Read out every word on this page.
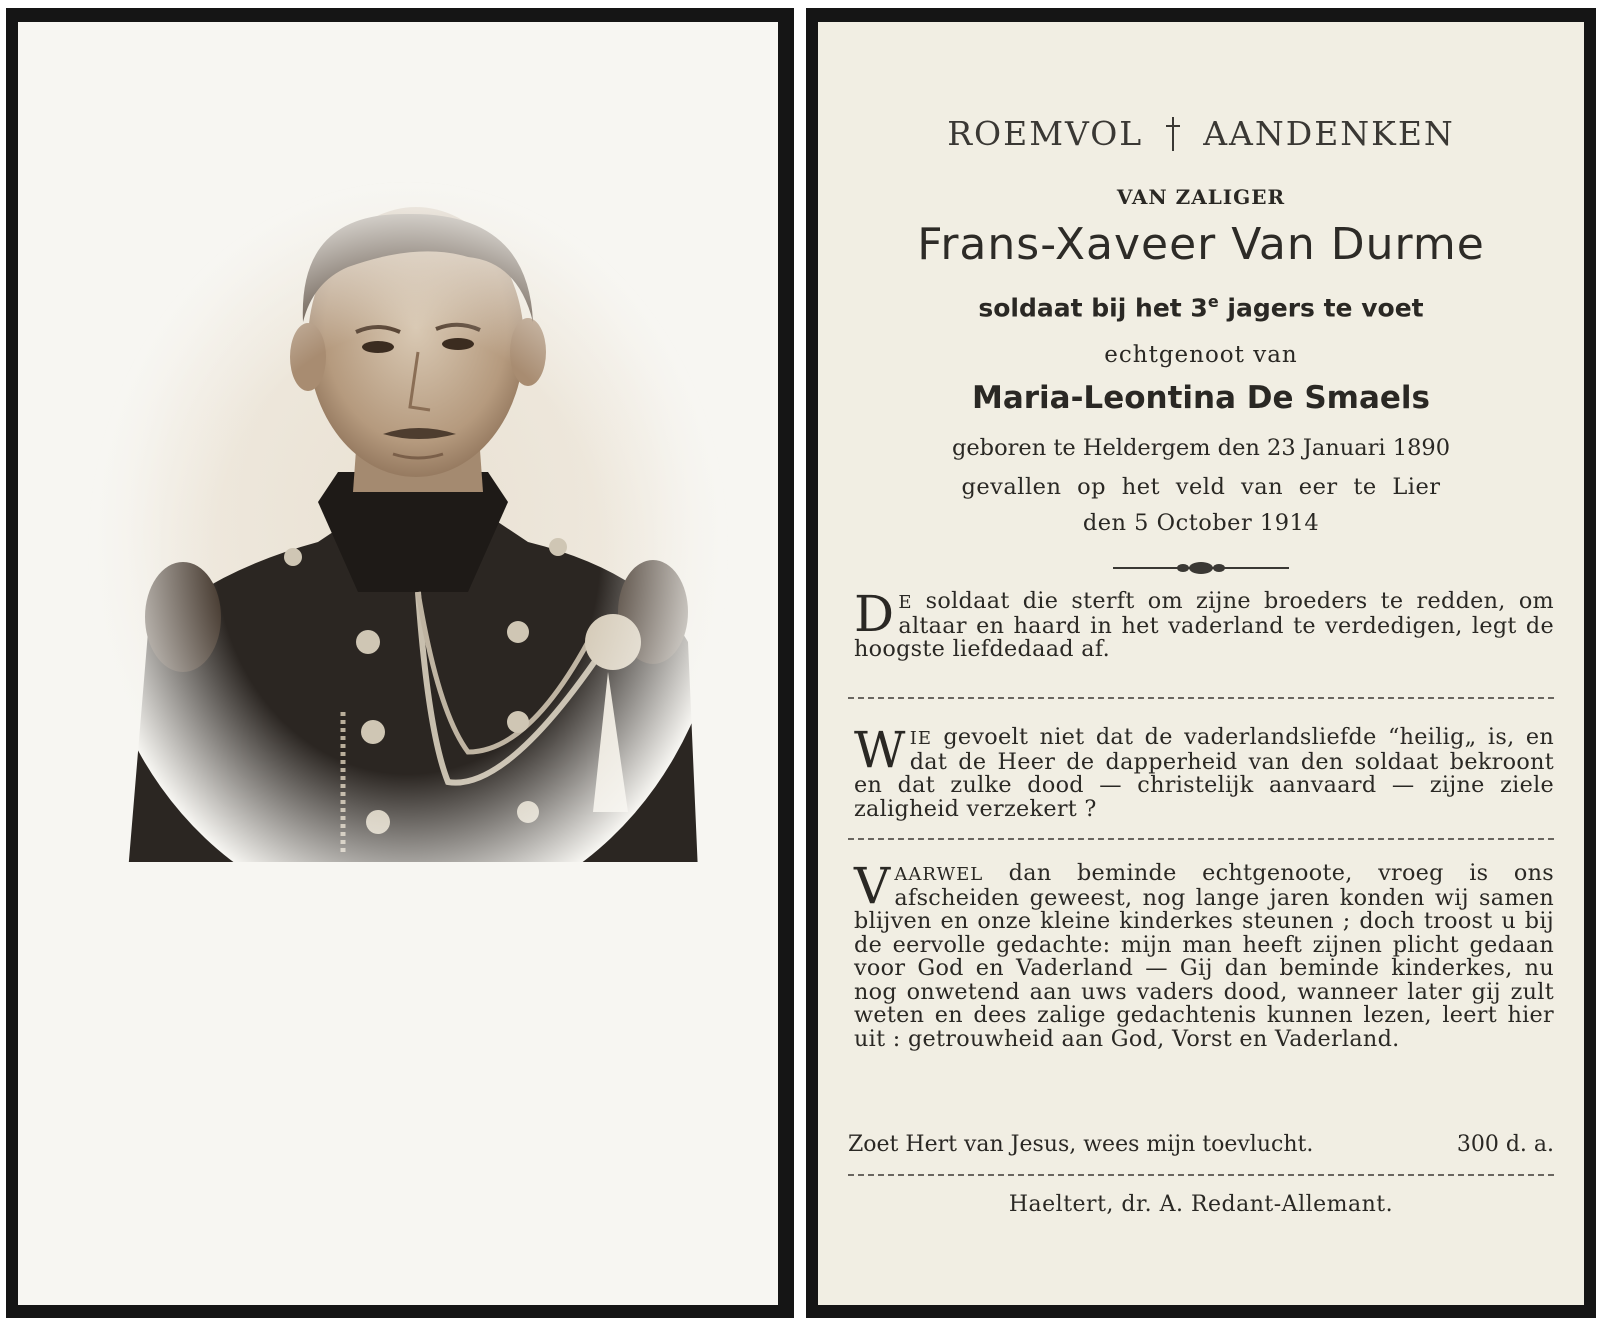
ROEMVOL AANDENKEN
VAN ZALIGER
Frans-Xaveer Van Durme
soldaat bij het 3e jagers te voet
echtgenoot van
Maria-Leontina De Smaels
geboren te Heldergem den 23 Januari 1890
gevallen op het veld van eer te Lier
den 5 October 1914
D E soldaat die sterft om zijne broeders te redden, om altaar en haard in het vaderland te verdedigen, legt de hoogste liefdedaad af.
WIE gevoelt niet dat de vaderlandsliefde “heilig„ is, en dat de Heer de dapperheid van den soldaat bekroont en dat zulke dood — christelijk aanvaard — zijne ziele zaligheid verzekert ?
VAARWEL dan beminde echtgenoote, vroeg is ons afscheiden geweest, nog lange jaren konden wij samen blijven en onze kleine kinderkes steunen ; doch troost u bij de eervolle gedachte: mijn man heeft zijnen plicht gedaan voor God en Vaderland — Gij dan beminde kinderkes, nu nog onwetend aan uws vaders dood, wanneer later gij zult weten en dees zalige gedachtenis kunnen lezen, leert hier uit : getrouwheid aan God, Vorst en Vaderland.
Zoet Hert van Jesus, wees mijn toevlucht.	300 d. a.
Haeltert, dr. A. Redant-Allemant.
